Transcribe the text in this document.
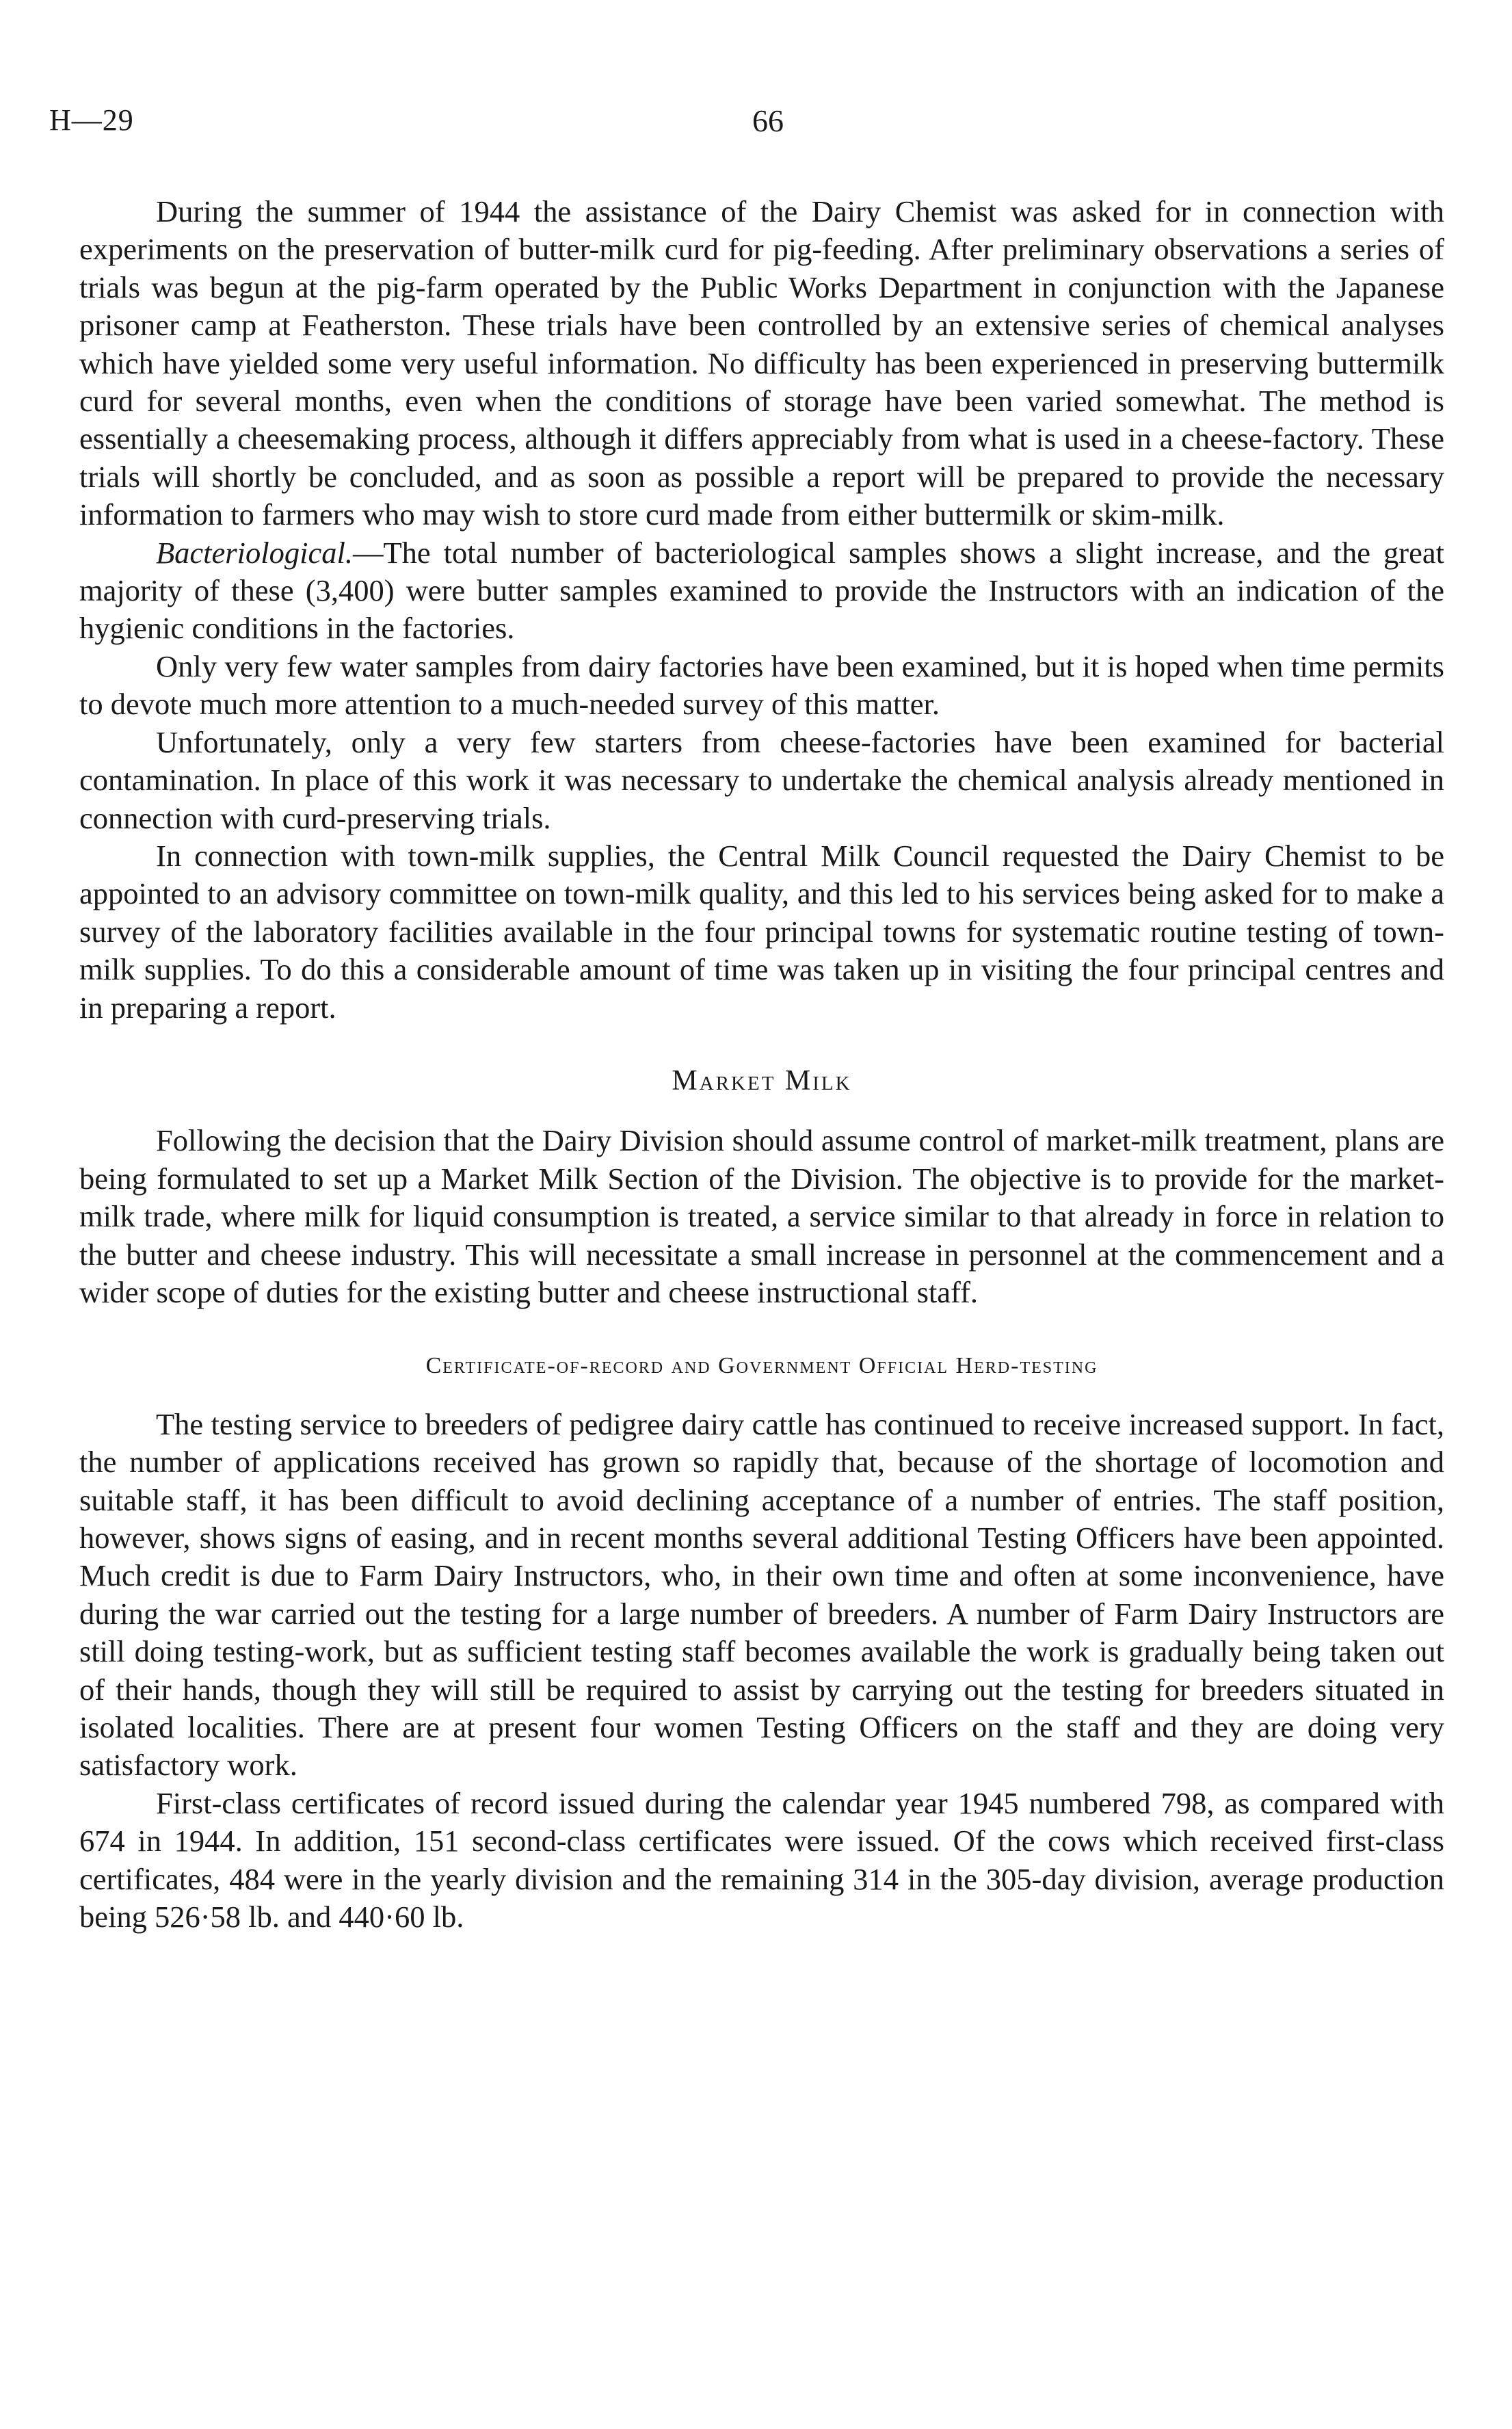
H—29	66

During the summer of 1944 the assistance of the Dairy Chemist was asked for in connection with experiments on the preservation of butter-milk curd for pig-feeding. After preliminary observations a series of trials was begun at the pig-farm operated by the Public Works Department in conjunction with the Japanese prisoner camp at Featherston. These trials have been controlled by an extensive series of chemical analyses which have yielded some very useful information. No difficulty has been experienced in preserving buttermilk curd for several months, even when the conditions of storage have been varied somewhat. The method is essentially a cheesemaking process, although it differs appreciably from what is used in a cheese-factory. These trials will shortly be concluded, and as soon as possible a report will be prepared to provide the necessary information to farmers who may wish to store curd made from either buttermilk or skim-milk.

Bacteriological.—The total number of bacteriological samples shows a slight increase, and the great majority of these (3,400) were butter samples examined to provide the Instructors with an indication of the hygienic conditions in the factories.

Only very few water samples from dairy factories have been examined, but it is hoped when time permits to devote much more attention to a much-needed survey of this matter.

Unfortunately, only a very few starters from cheese-factories have been examined for bacterial contamination. In place of this work it was necessary to undertake the chemical analysis already mentioned in connection with curd-preserving trials.

In connection with town-milk supplies, the Central Milk Council requested the Dairy Chemist to be appointed to an advisory committee on town-milk quality, and this led to his services being asked for to make a survey of the laboratory facilities available in the four principal towns for systematic routine testing of town-milk supplies. To do this a considerable amount of time was taken up in visiting the four principal centres and in preparing a report.

Market Milk

Following the decision that the Dairy Division should assume control of market-milk treatment, plans are being formulated to set up a Market Milk Section of the Division. The objective is to provide for the market-milk trade, where milk for liquid consumption is treated, a service similar to that already in force in relation to the butter and cheese industry. This will necessitate a small increase in personnel at the commencement and a wider scope of duties for the existing butter and cheese instructional staff.

Certificate-of-record and Government Official Herd-testing

The testing service to breeders of pedigree dairy cattle has continued to receive increased support. In fact, the number of applications received has grown so rapidly that, because of the shortage of locomotion and suitable staff, it has been difficult to avoid declining acceptance of a number of entries. The staff position, however, shows signs of easing, and in recent months several additional Testing Officers have been appointed. Much credit is due to Farm Dairy Instructors, who, in their own time and often at some inconvenience, have during the war carried out the testing for a large number of breeders. A number of Farm Dairy Instructors are still doing testing-work, but as sufficient testing staff becomes available the work is gradually being taken out of their hands, though they will still be required to assist by carrying out the testing for breeders situated in isolated localities. There are at present four women Testing Officers on the staff and they are doing very satisfactory work.

First-class certificates of record issued during the calendar year 1945 numbered 798, as compared with 674 in 1944. In addition, 151 second-class certificates were issued. Of the cows which received first-class certificates, 484 were in the yearly division and the remaining 314 in the 305-day division, average production being 526·58 lb. and 440·60 lb.
